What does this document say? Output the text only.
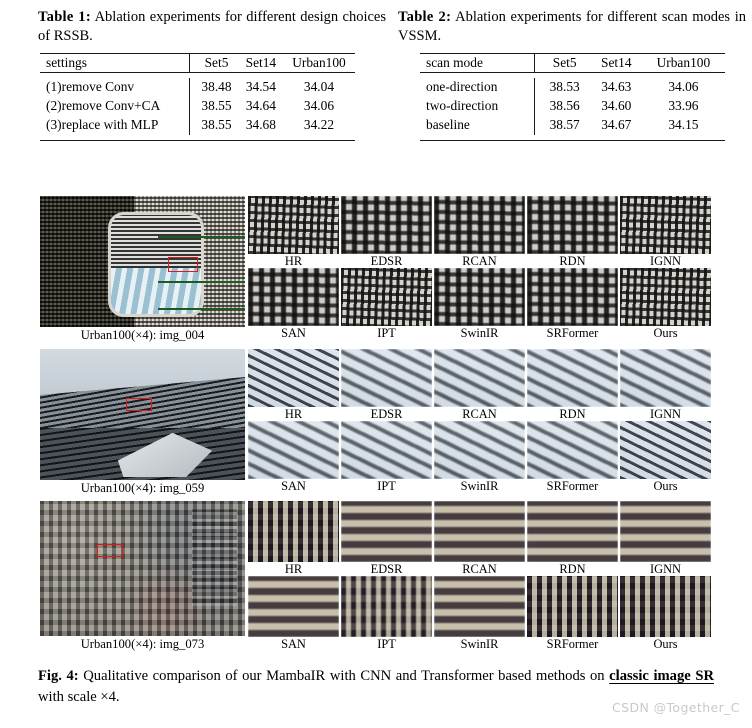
Table 1: Ablation experiments for different design choices of RSSB.

settings	Set5	Set14	Urban100

(1)remove Conv	38.48	34.54	34.04
(2)remove Conv+CA	38.55	34.64	34.06
(3)replace with MLP	38.55	34.68	34.22

Table 2: Ablation experiments for different scan modes in VSSM.

scan mode	Set5	Set14	Urban100

one-direction	38.53	34.63	34.06
two-direction	38.56	34.60	33.96
baseline	38.57	34.67	34.15

Urban100(×4): img_004
HR	EDSR	RCAN	RDN	IGNN
SAN	IPT	SwinIR	SRFormer	Ours
Urban100(×4): img_059
HR	EDSR	RCAN	RDN	IGNN
SAN	IPT	SwinIR	SRFormer	Ours
Urban100(×4): img_073
HR	EDSR	RCAN	RDN	IGNN
SAN	IPT	SwinIR	SRFormer	Ours
Fig. 4: Qualitative comparison of our MambaIR with CNN and Transformer based methods on classic image SR with scale ×4.
CSDN @Together_C
